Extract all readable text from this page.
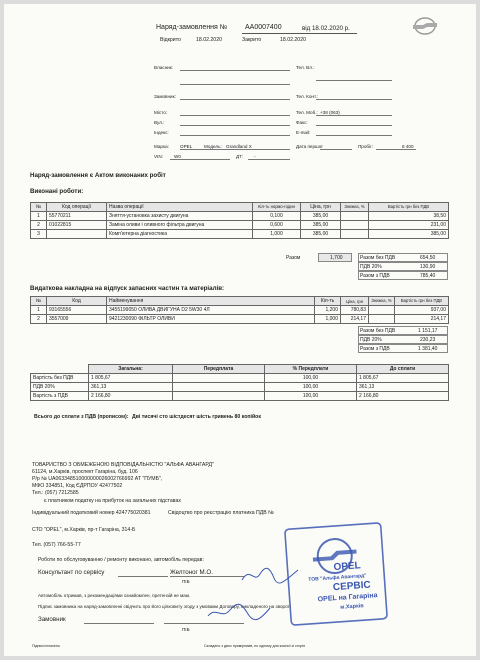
Наряд-замовлення №	AA0007400	від 18.02.2020 р.
Відкрито	18.02.2020	Закрито	18.02.2020
Власник:	Тел. Вл.:
Замовник:	Тел. Конт.:
Місто:	Тел. Моб.: +38 (063)
Вул.:	Факс:
Індекс:	E-mail:
Марка: OPEL	Модель: Grandland X	Дата першої	Пробіг:	8 400
VIN: W0	ДТ: -
Наряд-замовлення є Актом виконаних робіт
Виконані роботи:
№	Код операції	Назва операції	Кіл-ть нормо-годин	Ціна, грн	Знижка, %	Вартість грн без ПДВ
1	55770211	Зняття-установка захисту двигуна	0,100	385,00		38,50
2	01022815	Заміна оливи і оливного фільтра двигуна	0,600	385,00		231,00
3		Комп'ютерна діагностика	1,000	385,00		385,00
Разом	1,700	Разом без ПДВ	654,50
ПДВ 20%	130,90
Разом з ПДВ	785,40
Видаткова накладна на відпуск запасних частин та матеріалів:
№	Код	Найменування	Кіл-ть	Ціна, грн	Знижка, %	Вартість грн без ПДВ
1	93165556	3455199050 ОЛИВА ДВИГУНА D2 5W30 4Л	1,200	780,83		937,00
2	3557009	9421230090 ФІЛЬТР ОЛИВИ	1,000	214,17		214,17
Разом без ПДВ	1 151,17
ПДВ 20%	230,23
Разом з ПДВ	1 381,40
	Загальна:	Передплата	% Передплати	До сплати
Вартість без ПДВ	1 805,67		100,00	1 805,67
ПДВ 20%	361,13		100,00	361,13
Вартість з ПДВ	2 166,80		100,00	2 166,80
Всього до сплати з ПДВ (прописом): Дві тисячі сто шістдесят шість гривень 80 копійок
ТОВАРИСТВО З ОБМЕЖЕНОЮ ВІДПОВІДАЛЬНІСТЮ "АЛЬФА АВАНГАРД"
61124, м.Харків, проспект Гагаріна, буд. 106
Р/р № UA063348510000000026002766992 АТ "ПУМБ",
МФО 334851, Код ЄДРПОУ 42477502
Тел.: (057) 7212585
є платником податку на прибуток на загальних підставах
Індивідуальний податковий номер 424775020381	Свідоцтво про реєстрацію платника ПДВ №
СТО "OPEL", м.Харків, пр-т Гагаріна, 314-Б
Тел. (057) 766-55-77
Роботи по обслуговуванню / ремонту виконано, автомобіль передав:
Консультант по сервісу	Желтоног М.О.
ПІБ
Автомобіль отримав, з рекомендаціями ознайомлен, претензій не маю.
Підпис замовника на наряд-замовленні свідчить про його цілковиту згоду з умовами Договору, викладеного на звороті
Замовник
ПІБ
Підпис/сплачено	Складено з двох примірників, по одному для кожної зі сторін
OPEL
ТОВ "Альфа Авангард"
СЕРВІС
OPEL на Гагаріна
м.Харків
